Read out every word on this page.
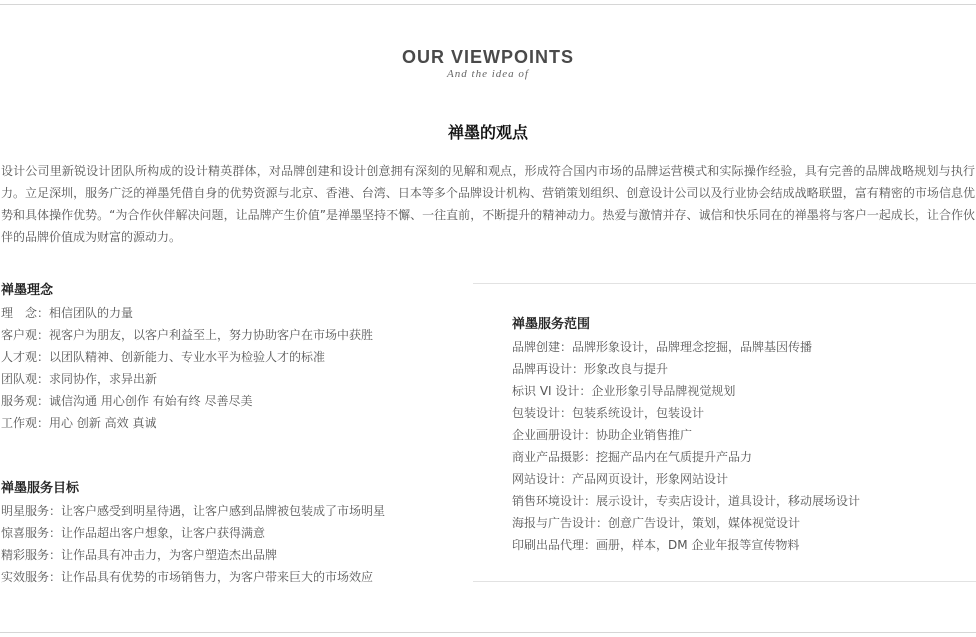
OUR VIEWPOINTS
And the idea of
禅墨的观点

设计公司里新锐设计团队所构成的设计精英群体，对品牌创建和设计创意拥有深刻的见解和观点，形成符合国内市场的品牌运营模式和实际操作经验，具有完善的品牌战略规划与执行力。立足深圳，服务广泛的禅墨凭借自身的优势资源与北京、香港、台湾、日本等多个品牌设计机构、营销策划组织、创意设计公司以及行业协会结成战略联盟，富有精密的市场信息优势和具体操作优势。“为合作伙伴解决问题，让品牌产生价值”是禅墨坚持不懈、一往直前，不断提升的精神动力。热爱与激情并存、诚信和快乐同在的禅墨将与客户一起成长，让合作伙伴的品牌价值成为财富的源动力。

禅墨理念
理　念：相信团队的力量
客户观：视客户为朋友，以客户利益至上，努力协助客户在市场中获胜
人才观：以团队精神、创新能力、专业水平为检验人才的标准
团队观：求同协作，求异出新
服务观：诚信沟通 用心创作 有始有终 尽善尽美
工作观：用心 创新 高效 真诚
禅墨服务目标
明星服务：让客户感受到明星待遇，让客户感到品牌被包装成了市场明星
惊喜服务：让作品超出客户想象，让客户获得满意
精彩服务：让作品具有冲击力，为客户塑造杰出品牌
实效服务：让作品具有优势的市场销售力，为客户带来巨大的市场效应
禅墨服务范围
品牌创建：品牌形象设计，品牌理念挖掘，品牌基因传播
品牌再设计：形象改良与提升
标识 VI 设计：企业形象引导品牌视觉规划
包装设计：包装系统设计，包装设计
企业画册设计：协助企业销售推广
商业产品摄影：挖掘产品内在气质提升产品力
网站设计：产品网页设计，形象网站设计
销售环境设计：展示设计，专卖店设计，道具设计，移动展场设计
海报与广告设计：创意广告设计，策划，媒体视觉设计
印刷出品代理：画册，样本，DM 企业年报等宣传物料
